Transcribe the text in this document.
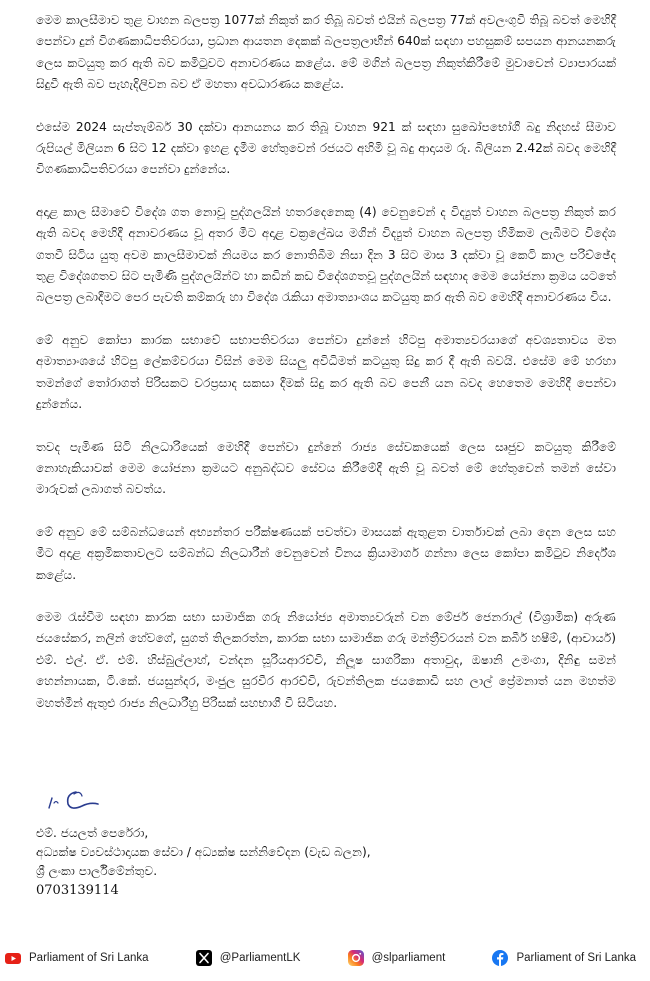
මෙම කාලසීමාව තුළ වාහන බලපත්‍ර 1077ක් නිකුත් කර තිබූ බවත් එයින් බලපත්‍ර 77ක් අවලංගුවී තිබූ බවත් මෙහිදී පෙන්වා දුන් විගණකාධිපතිවරයා, ප්‍රධාන ආයතන දෙකක් බලපත්‍රලාභීන් 640ක් සඳහා පහසුකම් සපයන ආනයනකරු ලෙස කටයුතු කර ඇති බව කමිටුවට අනාවරණය කළේය. මේ මගින් බලපත්‍ර නිකුත්කිරීමේ මුවාවෙන් ව්‍යාපාරයක් සිදුවී ඇති බව පැහැදිලිවන බව ඒ මහතා අවධාරණය කළේය.

එසේම 2024 සැප්තැම්බර් 30 දක්වා ආනයනය කර තිබූ වාහන 921 ක් සඳහා සුඛෝපභෝගී බදු නිදහස් සීමාව රුපියල් මිලියන 6 සිට 12 දක්වා ඉහළ දැමීම හේතුවෙන් රජයට අහිමි වූ බදු ආදායම රු. බිලියන 2.42ක් බවද මෙහිදී විගණකාධිපතිවරයා පෙන්වා දුන්නේය.

අදාළ කාල සීමාවේ විදේශ ගත නොවූ පුද්ගලයින් හතරදෙනෙකු (4) වෙනුවෙන් ද විද්‍යුත් වාහන බලපත්‍ර නිකුත් කර ඇති බවද මෙහිදී අනාවරණය වූ අතර මීට අදාළ චක්‍රලේඛය මගින් විද්‍යුත් වාහන බලපත්‍ර හිමිකම ලැබීමට විදේශ ගතවී සිටිය යුතු අවම කාලසීමාවක් නියමය කර නොතිබීම නිසා දින 3 සිට මාස 3 දක්වා වූ කෙටි කාල පරිච්ඡේද තුළ විදේශගතව සිට පැමිණි පුද්ගලයින්ට හා කඩින් කඩ විදේශගතවූ පුද්ගලයින් සඳහාද මෙම යෝජනා ක්‍රමය යටතේ බලපත්‍ර ලබාදීමට පෙර පැවති කම්කරු හා විදේශ රැකියා අමාත්‍යාංශය කටයුතු කර ඇති බව මෙහිදී අනාවරණය විය.

මේ අනුව කෝපා කාරක සභාවේ සභාපතිවරයා පෙන්වා දුන්නේ හිටපු අමාත්‍යවරයාගේ අවශ්‍යතාවය මත අමාත්‍යාංශයේ හිටපු ලේකම්වරයා විසින් මෙම සියලු අවිධිමත් කටයුතු සිදු කර දී ඇති බවයි. එසේම මේ හරහා තමන්ගේ තෝරාගත් පිරිසකට වරප්‍රසාද සකසා දීමක් සිදු කර ඇති බව පෙනී යන බවද හෙතෙම මෙහිදී පෙන්වා දුන්නේය.

තවද පැමිණ සිටි නිලධාරියෙක් මෙහිදී පෙන්වා දුන්නේ රාජ්‍ය සේවකයෙක් ලෙස සෘජුව කටයුතු කිරීමේ නොහැකියාවක් මෙම යෝජනා ක්‍රමයට අනුබද්ධව සේවය කිරීමේදී ඇති වූ බවත් මේ හේතුවෙන් තමන් සේවා මාරුවක් ලබාගත් බවත්ය.

මේ අනුව මේ සම්බන්ධයෙන් අභ්‍යන්තර පරීක්ෂණයක් පවත්වා මාසයක් ඇතුළත වාර්තාවක් ලබා දෙන ලෙස සහ මීට අදාළ අක්‍රමිකතාවලට සම්බන්ධ නිලධාරීන් වෙනුවෙන් විනය ක්‍රියාමාර්ග ගන්නා ලෙස කෝපා කමිටුව නිර්දේශ කළේය.

මෙම රැස්වීම සඳහා කාරක සභා සාමාජික ගරු නියෝජ්‍ය අමාත්‍යවරුන් වන මේජර් ජෙනරාල් (විශ්‍රාමික) අරුණ ජයසේකර, නලින් හේවගේ, සුගත් තිලකරත්න, කාරක සභා සාමාජික ගරු මන්ත්‍රීවරයන් වන කබීර් හෂීම්, (ආචාර්ය) එම්. එල්. ඒ. එම්. හිස්බුල්ලාහ්, චන්දන සූරියආරච්චි, නිලූෂ සාගරිකා අතාවුද, ඔෂානි උමංගා, දිනිඳු සමන් හෙන්නායක, ටී.කේ. ජයසුන්දර, මංජුල සුරවීර ආරච්චි, රුවන්තිලක ජයකොඩි සහ ලාල් ප්‍රේමනාත් යන මහත්ම මහත්මීන් ඇතුළු රාජ්‍ය නිලධාරීහු පිරිසක් සහභාගී වී සිටියහ.

එම්. ජයලත් පෙරේරා,

අධ්‍යක්ෂ ව්‍යවස්ථාදායක සේවා / අධ්‍යක්ෂ සන්නිවේදන (වැඩ බලන),

ශ්‍රී ලංකා පාර්ලිමේන්තුව.

0703139114

Parliament of Sri Lanka	@ParliamentLK	@slparliament	Parliament of Sri Lanka
